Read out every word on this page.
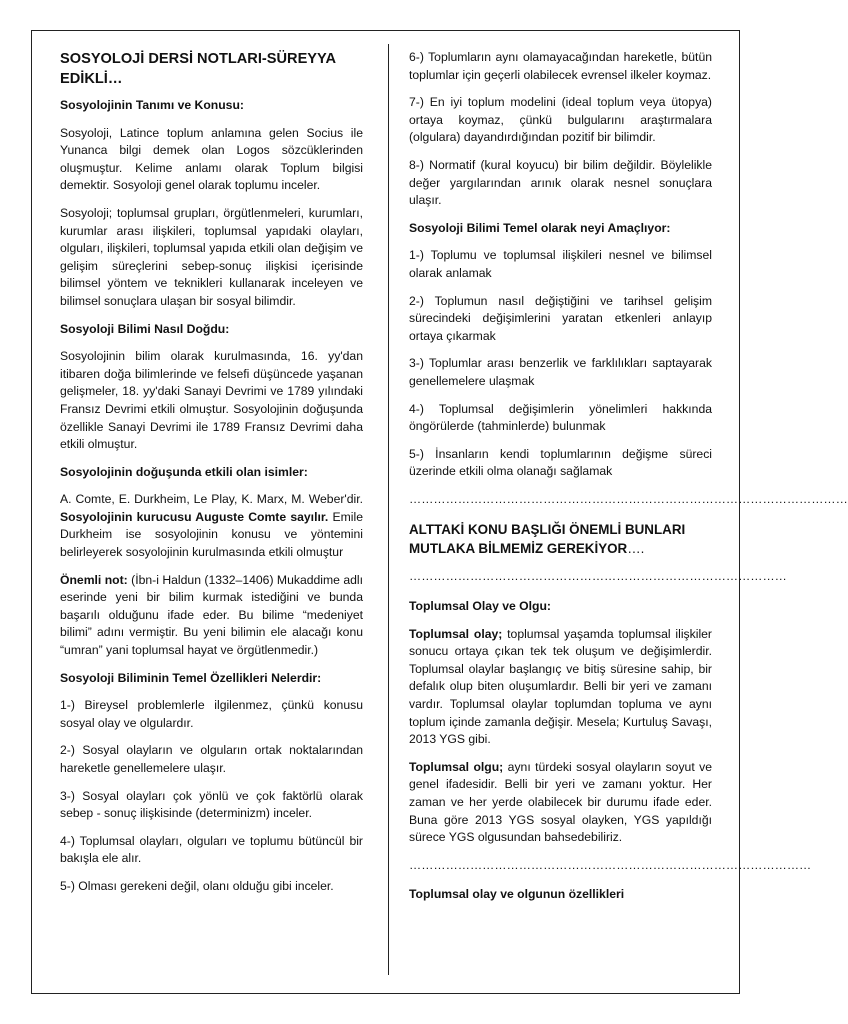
SOSYOLOJİ DERSİ NOTLARI-SÜREYYA EDİKLİ…

Sosyolojinin Tanımı ve Konusu:

Sosyoloji, Latince toplum anlamına gelen Socius ile Yunanca bilgi demek olan Logos sözcüklerinden oluşmuştur. Kelime anlamı olarak Toplum bilgisi demektir. Sosyoloji genel olarak toplumu inceler.

Sosyoloji; toplumsal grupları, örgütlenmeleri, kurumları, kurumlar arası ilişkileri, toplumsal yapıdaki olayları, olguları, ilişkileri, toplumsal yapıda etkili olan değişim ve gelişim süreçlerini sebep-sonuç ilişkisi içerisinde bilimsel yöntem ve teknikleri kullanarak inceleyen ve bilimsel sonuçlara ulaşan bir sosyal bilimdir.

Sosyoloji Bilimi Nasıl Doğdu:

Sosyolojinin bilim olarak kurulmasında, 16. yy'dan itibaren doğa bilimlerinde ve felsefi düşüncede yaşanan gelişmeler, 18. yy'daki Sanayi Devrimi ve 1789 yılındaki Fransız Devrimi etkili olmuştur. Sosyolojinin doğuşunda özellikle Sanayi Devrimi ile 1789 Fransız Devrimi daha etkili olmuştur.

Sosyolojinin doğuşunda etkili olan isimler:

A. Comte, E. Durkheim, Le Play, K. Marx, M. Weber'dir. Sosyolojinin kurucusu Auguste Comte sayılır. Emile Durkheim ise sosyolojinin konusu ve yöntemini belirleyerek sosyolojinin kurulmasında etkili olmuştur

Önemli not: (İbn-i Haldun (1332–1406) Mukaddime adlı eserinde yeni bir bilim kurmak istediğini ve bunda başarılı olduğunu ifade eder. Bu bilime “medeniyet bilimi” adını vermiştir. Bu yeni bilimin ele alacağı konu “umran” yani toplumsal hayat ve örgütlenmedir.)

Sosyoloji Biliminin Temel Özellikleri Nelerdir:

1-) Bireysel problemlerle ilgilenmez, çünkü konusu sosyal olay ve olgulardır.

2-) Sosyal olayların ve olguların ortak noktalarından hareketle genellemelere ulaşır.

3-) Sosyal olayları çok yönlü ve çok faktörlü olarak sebep - sonuç ilişkisinde (determinizm) inceler.

4-) Toplumsal olayları, olguları ve toplumu bütüncül bir bakışla ele alır.

5-) Olması gerekeni değil, olanı olduğu gibi inceler.

6-) Toplumların aynı olamayacağından hareketle, bütün toplumlar için geçerli olabilecek evrensel ilkeler koymaz.

7-) En iyi toplum modelini (ideal toplum veya ütopya) ortaya koymaz, çünkü bulgularını araştırmalara (olgulara) dayandırdığından pozitif bir bilimdir.

8-) Normatif (kural koyucu) bir bilim değildir. Böylelikle değer yargılarından arınık olarak nesnel sonuçlara ulaşır.

Sosyoloji Bilimi Temel olarak neyi Amaçlıyor:

1-) Toplumu ve toplumsal ilişkileri nesnel ve bilimsel olarak anlamak

2-) Toplumun nasıl değiştiğini ve tarihsel gelişim sürecindeki değişimlerini yaratan etkenleri anlayıp ortaya çıkarmak

3-) Toplumlar arası benzerlik ve farklılıkları saptayarak genellemelere ulaşmak

4-) Toplumsal değişimlerin yönelimleri hakkında öngörülerde (tahminlerde) bulunmak

5-) İnsanların kendi toplumlarının değişme süreci üzerinde etkili olma olanağı sağlamak

………………………………………………………………………………………………

ALTTAKİ KONU BAŞLIĞI ÖNEMLİ BUNLARI MUTLAKA BİLMEMİZ GEREKİYOR….

…………………………………………………………………………………

Toplumsal Olay ve Olgu:

Toplumsal olay; toplumsal yaşamda toplumsal ilişkiler sonucu ortaya çıkan tek tek oluşum ve değişimlerdir. Toplumsal olaylar başlangıç ve bitiş süresine sahip, bir defalık olup biten oluşumlardır. Belli bir yeri ve zamanı vardır. Toplumsal olaylar toplumdan topluma ve aynı toplum içinde zamanla değişir. Mesela; Kurtuluş Savaşı, 2013 YGS gibi.

Toplumsal olgu; aynı türdeki sosyal olayların soyut ve genel ifadesidir. Belli bir yeri ve zamanı yoktur. Her zaman ve her yerde olabilecek bir durumu ifade eder. Buna göre 2013 YGS sosyal olayken, YGS yapıldığı sürece YGS olgusundan bahsedebiliriz.

………………………………………………………………………………………

Toplumsal olay ve olgunun özellikleri
